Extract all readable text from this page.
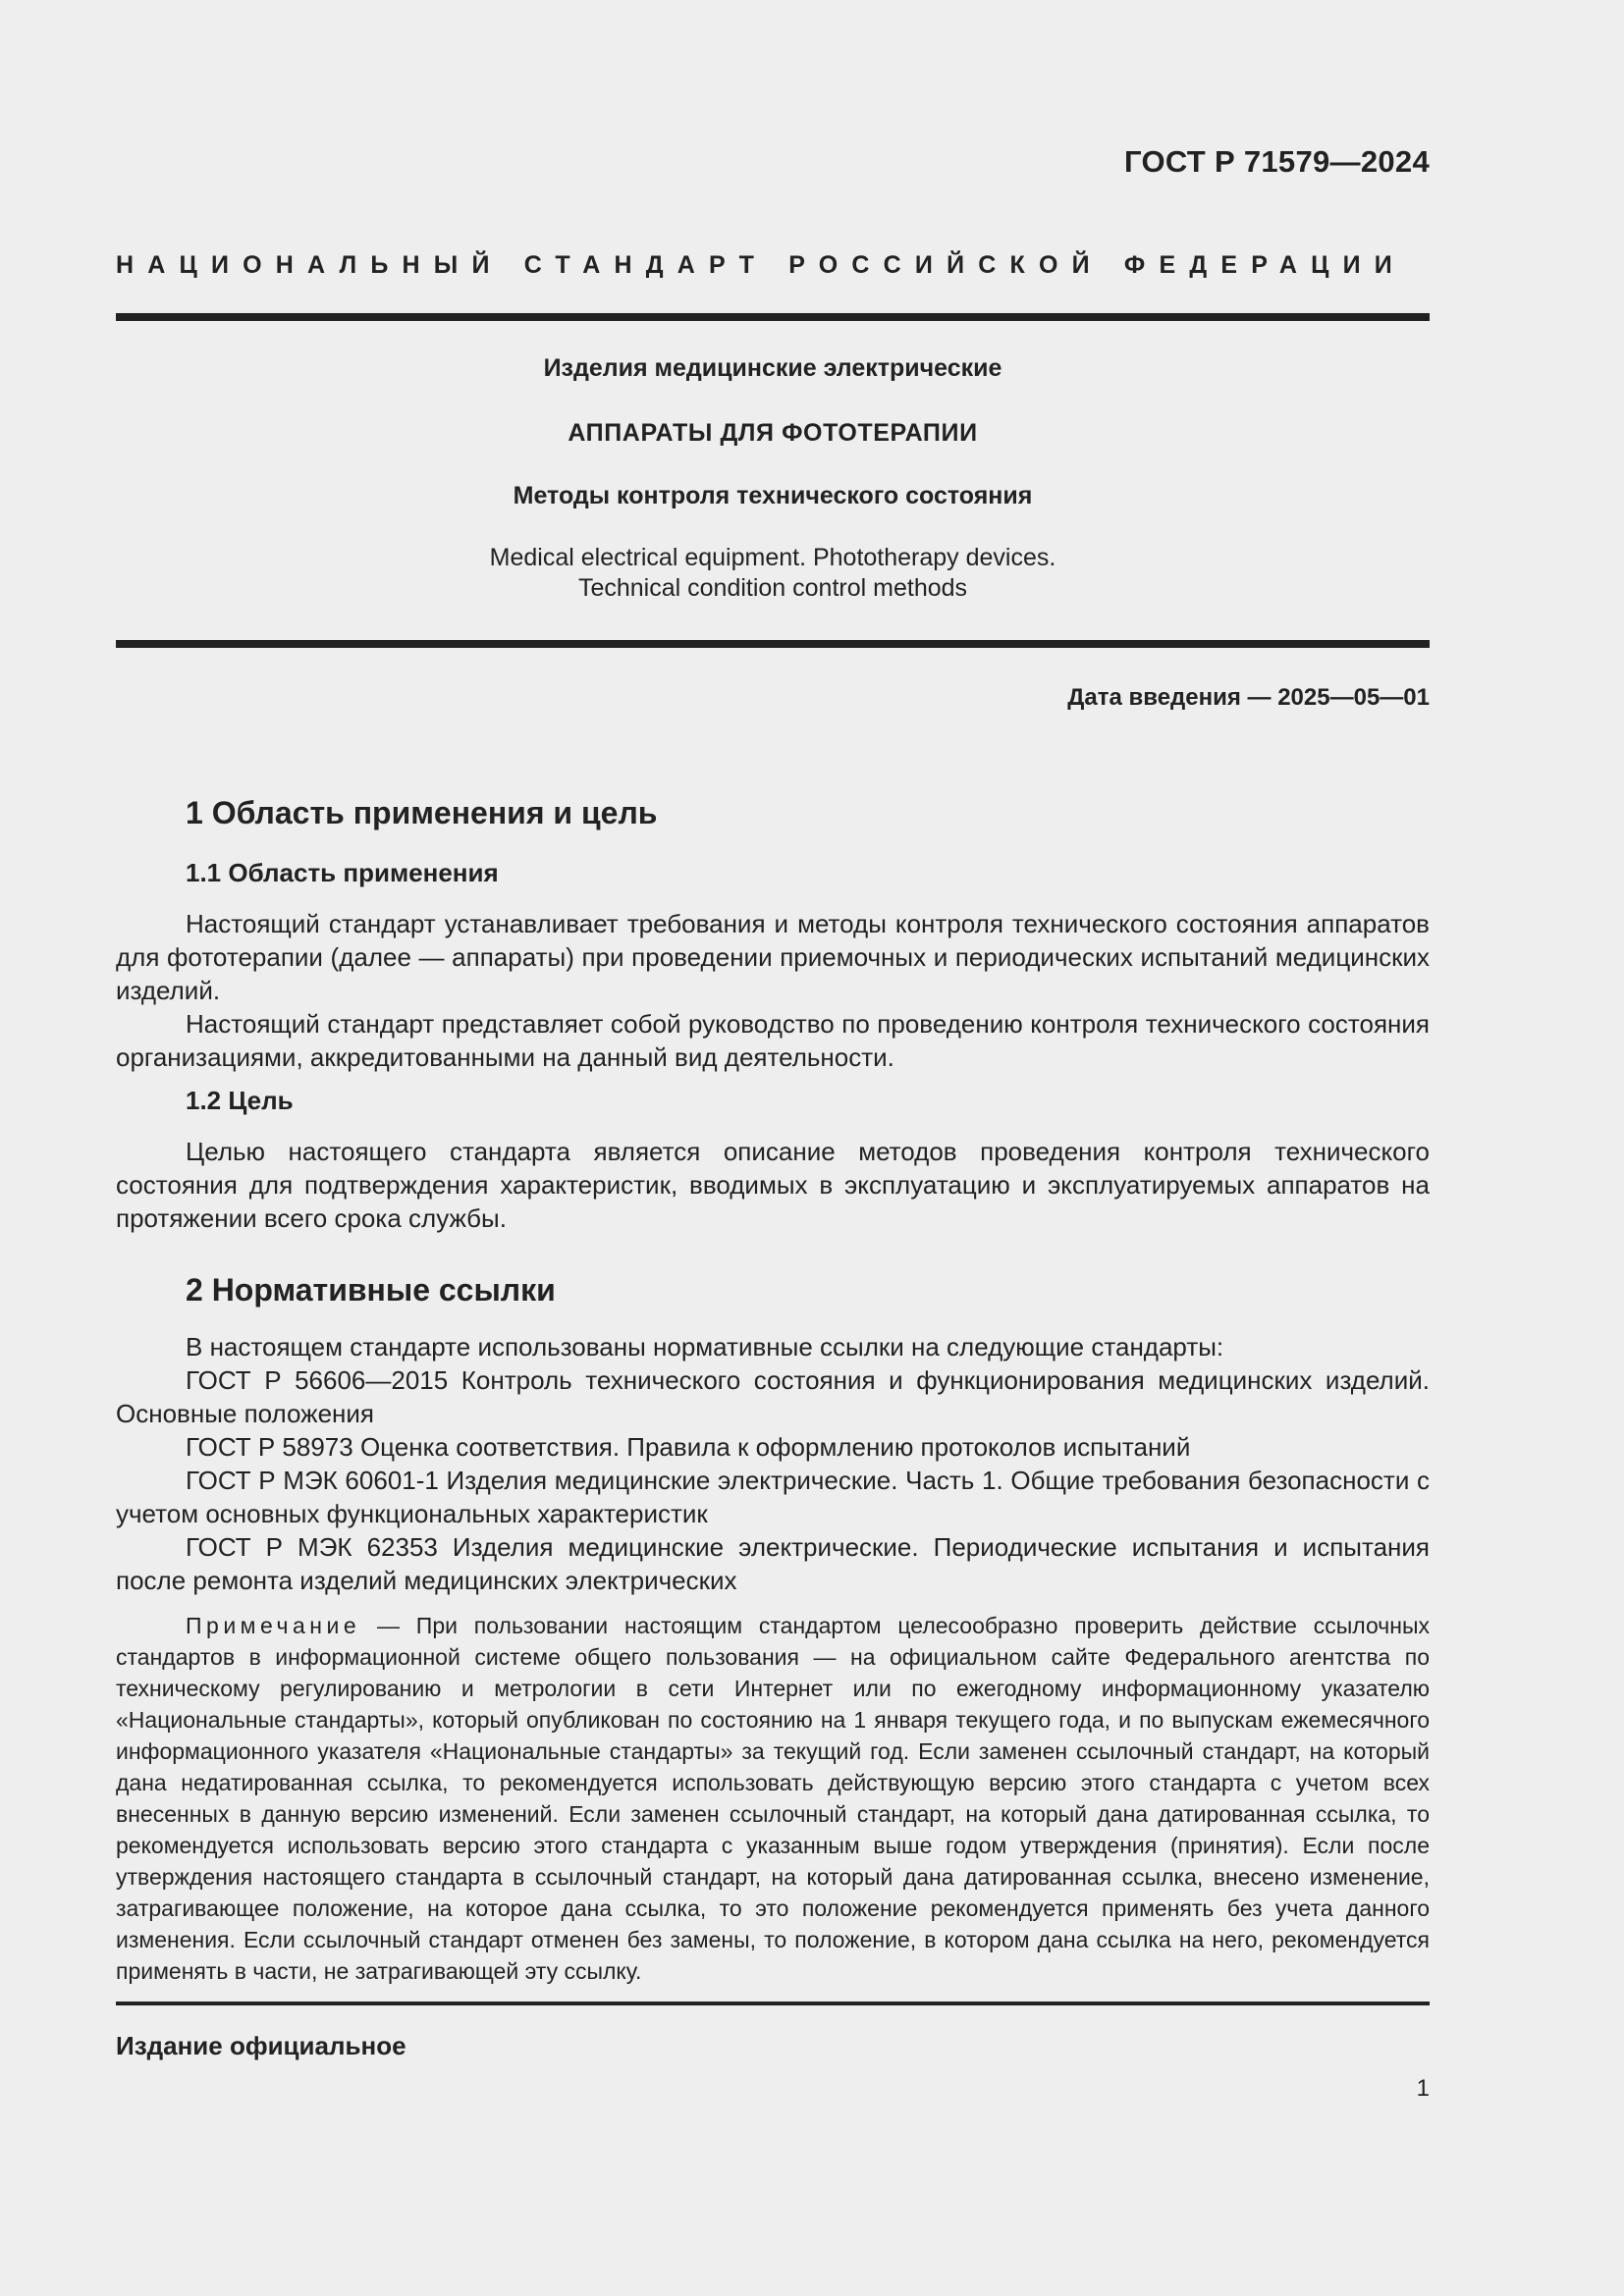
ГОСТ Р 71579—2024
НАЦИОНАЛЬНЫЙ СТАНДАРТ РОССИЙСКОЙ ФЕДЕРАЦИИ
Изделия медицинские электрические
АППАРАТЫ ДЛЯ ФОТОТЕРАПИИ
Методы контроля технического состояния
Medical electrical equipment. Phototherapy devices.
Technical condition control methods
Дата введения — 2025—05—01
1 Область применения и цель
1.1 Область применения

Настоящий стандарт устанавливает требования и методы контроля технического состояния аппаратов для фототерапии (далее — аппараты) при проведении приемочных и периодических испытаний медицинских изделий.

Настоящий стандарт представляет собой руководство по проведению контроля технического состояния организациями, аккредитованными на данный вид деятельности.

1.2 Цель

Целью настоящего стандарта является описание методов проведения контроля технического состояния для подтверждения характеристик, вводимых в эксплуатацию и эксплуатируемых аппаратов на протяжении всего срока службы.

2 Нормативные ссылки

В настоящем стандарте использованы нормативные ссылки на следующие стандарты:

ГОСТ Р 56606—2015 Контроль технического состояния и функционирования медицинских изделий. Основные положения

ГОСТ Р 58973 Оценка соответствия. Правила к оформлению протоколов испытаний

ГОСТ Р МЭК 60601-1 Изделия медицинские электрические. Часть 1. Общие требования безопасности с учетом основных функциональных характеристик

ГОСТ Р МЭК 62353 Изделия медицинские электрические. Периодические испытания и испытания после ремонта изделий медицинских электрических

Примечание — При пользовании настоящим стандартом целесообразно проверить действие ссылочных стандартов в информационной системе общего пользования — на официальном сайте Федерального агентства по техническому регулированию и метрологии в сети Интернет или по ежегодному информационному указателю «Национальные стандарты», который опубликован по состоянию на 1 января текущего года, и по выпускам ежемесячного информационного указателя «Национальные стандарты» за текущий год. Если заменен ссылочный стандарт, на который дана недатированная ссылка, то рекомендуется использовать действующую версию этого стандарта с учетом всех внесенных в данную версию изменений. Если заменен ссылочный стандарт, на который дана датированная ссылка, то рекомендуется использовать версию этого стандарта с указанным выше годом утверждения (принятия). Если после утверждения настоящего стандарта в ссылочный стандарт, на который дана датированная ссылка, внесено изменение, затрагивающее положение, на которое дана ссылка, то это положение рекомендуется применять без учета данного изменения. Если ссылочный стандарт отменен без замены, то положение, в котором дана ссылка на него, рекомендуется применять в части, не затрагивающей эту ссылку.

Издание официальное
1
